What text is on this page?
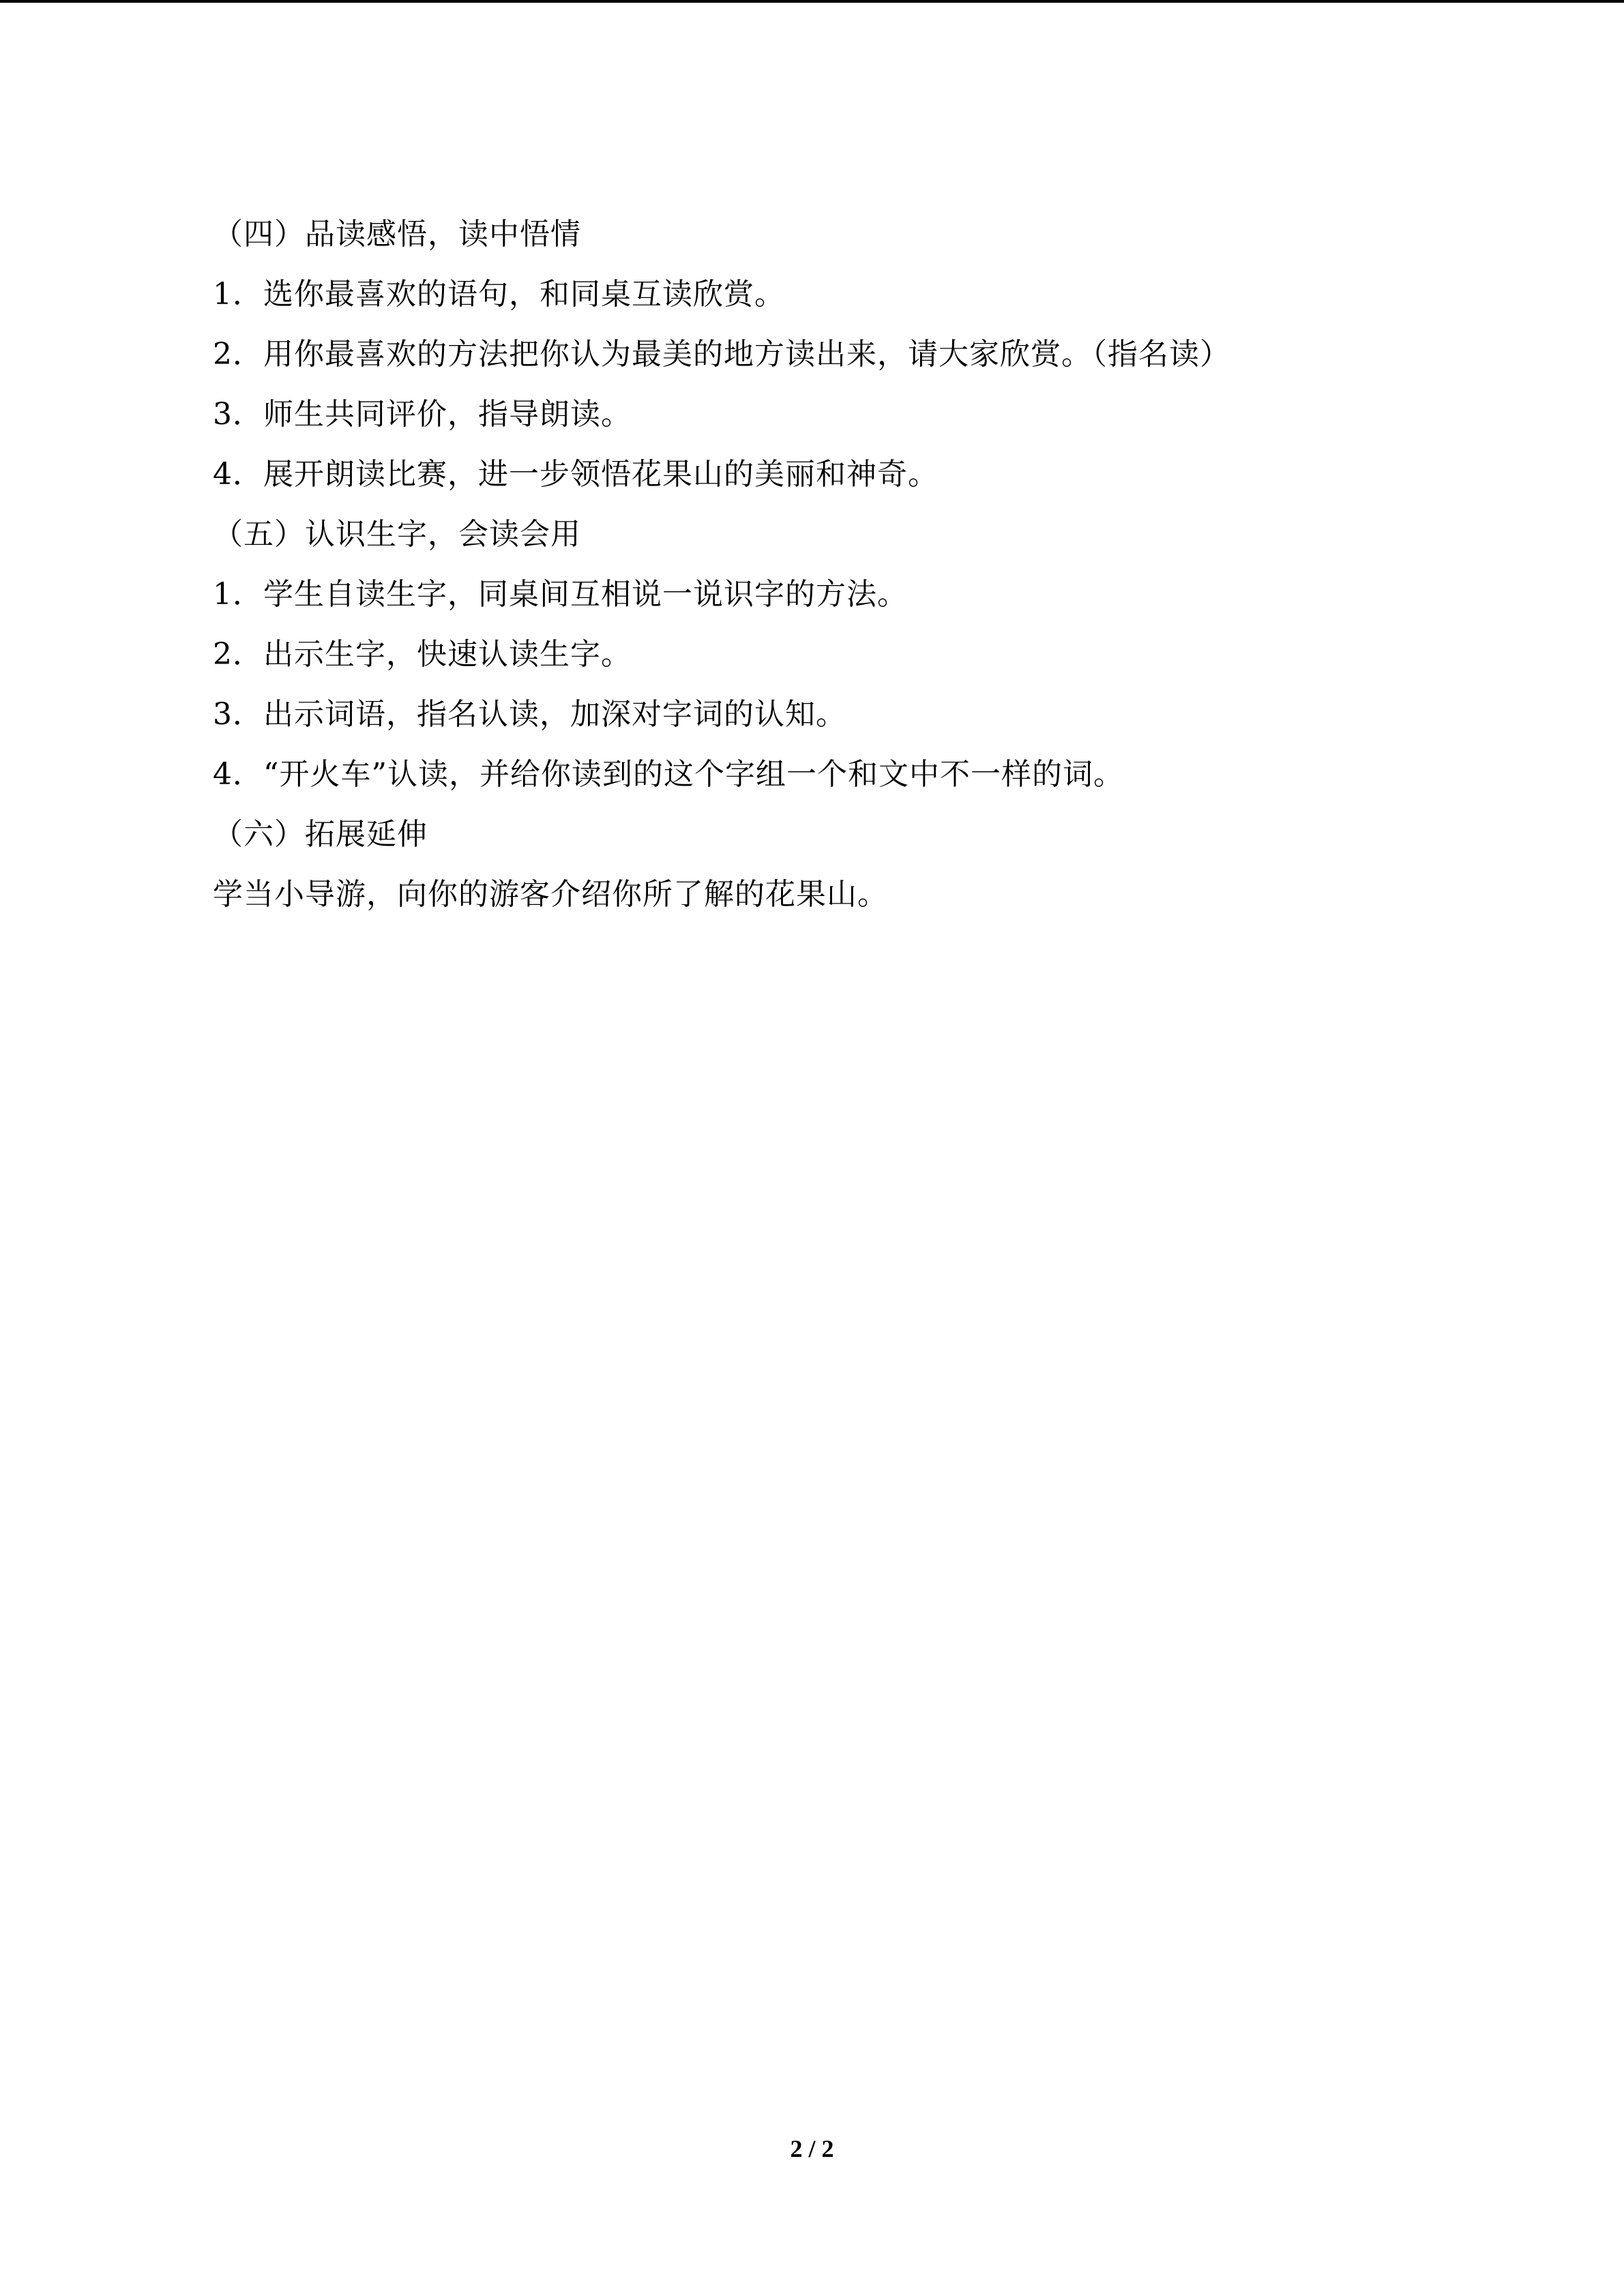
（四）品读感悟，读中悟情
1．选你最喜欢的语句，和同桌互读欣赏。
2．用你最喜欢的方法把你认为最美的地方读出来，请大家欣赏。（指名读）
3．师生共同评价，指导朗读。
4．展开朗读比赛，进一步领悟花果山的美丽和神奇。
（五）认识生字，会读会用
1．学生自读生字，同桌间互相说一说识字的方法。
2．出示生字，快速认读生字。
3．出示词语，指名认读，加深对字词的认知。
4．“开火车”认读，并给你读到的这个字组一个和文中不一样的词。
（六）拓展延伸
学当小导游，向你的游客介绍你所了解的花果山。
2 / 2
